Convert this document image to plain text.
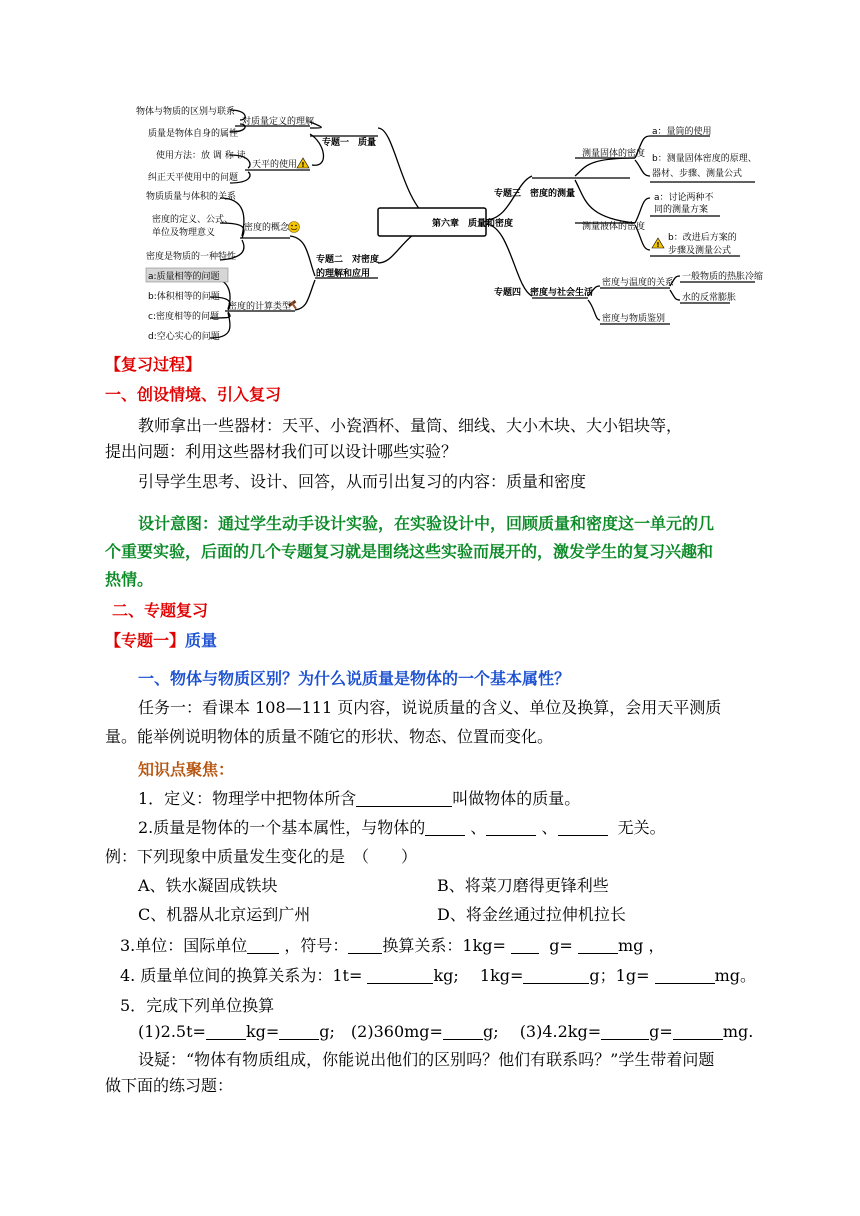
!
!
第六章　质量和密度
专题一　质量
对质量定义的理解
物体与物质的区别与联系
质量是物体自身的属性
天平的使用
使用方法：放 调 称 读
纠正天平使用中的问题
专题二　对密度
的理解和应用
密度的概念
物质质量与体积的关系
密度的定义、公式、
单位及物理意义
密度是物质的一种特性
密度的计算类型
a:质量相等的问题
b:体积相等的问题
c:密度相等的问题
d:空心实心的问题
专题三　密度的测量
测量固体的密度
a：量筒的使用
b：测量固体密度的原理、
器材、步骤、测量公式
测量液体的密度
a：讨论两种不
同的测量方案
b：改进后方案的
步骤及测量公式
专题四　密度与社会生活
密度与温度的关系
一般物质的热胀冷缩
水的反常膨胀
密度与物质鉴别
【复习过程】
一、创设情境、引入复习
教师拿出一些器材：天平、小瓷酒杯、量筒、细线、大小木块、大小铝块等，
提出问题：利用这些器材我们可以设计哪些实验？
引导学生思考、设计、回答，从而引出复习的内容：质量和密度
设计意图：通过学生动手设计实验，在实验设计中，回顾质量和密度这一单元的几
个重要实验，后面的几个专题复习就是围绕这些实验而展开的，激发学生的复习兴趣和
热情。
二、专题复习
【专题一】质量
一、物体与物质区别？为什么说质量是物体的一个基本属性？
任务一：看课本 108—111 页内容，说说质量的含义、单位及换算，会用天平测质
量。能举例说明物体的质量不随它的形状、物态、位置而变化。
知识点聚焦：
1．定义：物理学中把物体所含	叫做物体的质量。
2.质量是物体的一个基本属性，与物体的	、	、	无关。
例：下列现象中质量发生变化的是　（　　）
A、铁水凝固成铁块	B、将菜刀磨得更锋利些
C、机器从北京运到广州	D、将金丝通过拉伸机拉长
3.单位：国际单位 ，符号： 换算关系：1kg=	g=	mg ，
4. 质量单位间的换算关系为：1t=	kg;　 1kg=	g；1g=	mg。
5．完成下列单位换算
(1)2.5t=	kg=	g;　(2)360mg=	g;　 (3)4.2kg=	g=	mg.
设疑：“物体有物质组成，你能说出他们的区别吗？他们有联系吗？”学生带着问题
做下面的练习题：
